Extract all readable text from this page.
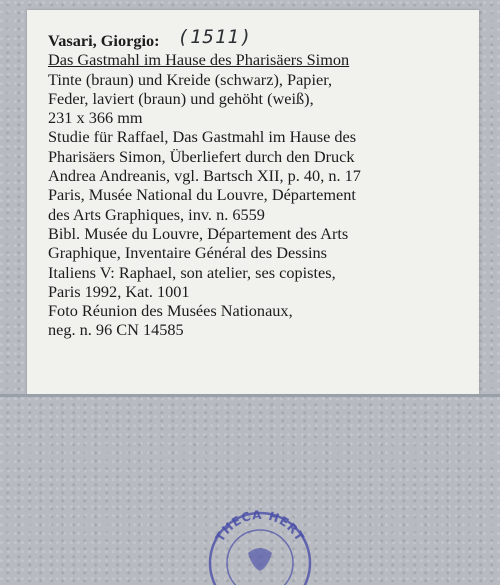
Vasari, Giorgio: (1511)
Das Gastmahl im Hause des Pharisäers Simon
Tinte (braun) und Kreide (schwarz), Papier,
Feder, laviert (braun) und gehöht (weiß),
231 x 366 mm
Studie für Raffael, Das Gastmahl im Hause des
Pharisäers Simon, Überliefert durch den Druck
Andrea Andreanis, vgl. Bartsch XII, p. 40, n. 17
Paris, Musée National du Louvre, Département
des Arts Graphiques, inv. n. 6559
Bibl. Musée du Louvre, Département des Arts
Graphique, Inventaire Général des Dessins
Italiens V: Raphael, son atelier, ses copistes,
Paris 1992, Kat. 1001
Foto Réunion des Musées Nationaux,
neg. n. 96 CN 14585
THECA HERT
